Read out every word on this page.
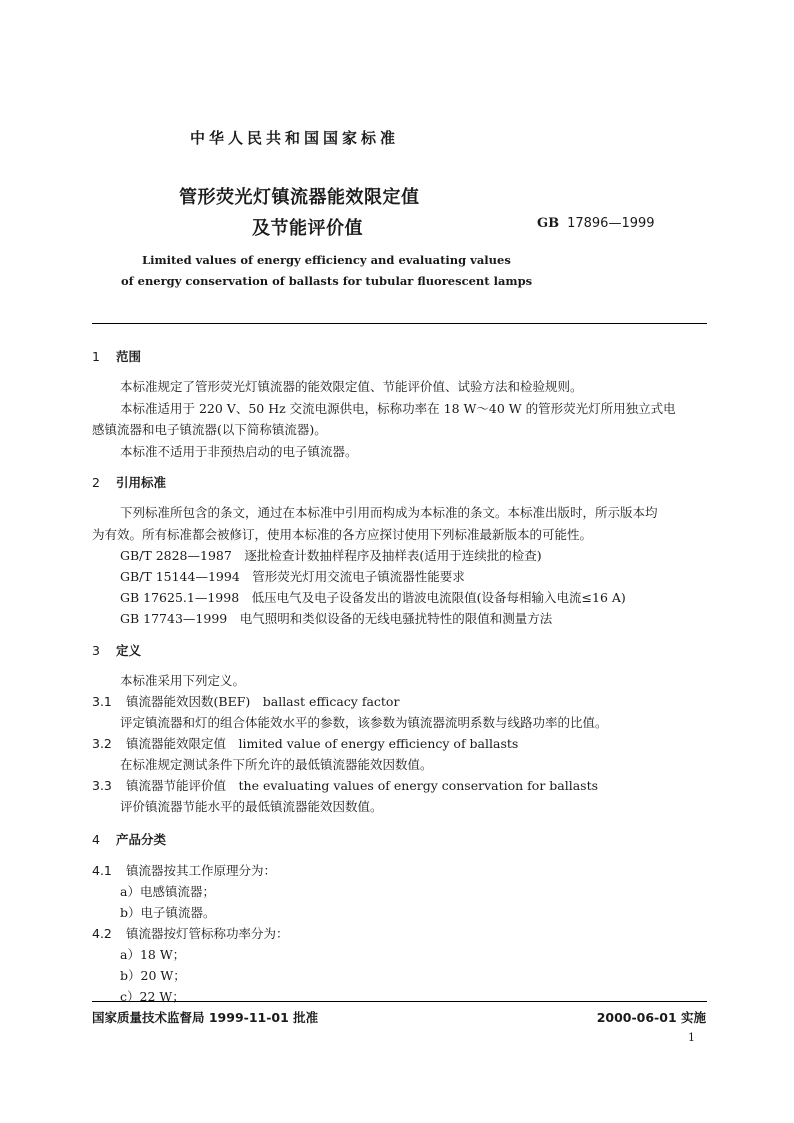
中华人民共和国国家标准
管形荧光灯镇流器能效限定值
及节能评价值	GB 17896—1999
Limited values of energy efficiency and evaluating values
of energy conservation of ballasts for tubular fluorescent lamps
1 范围
本标准规定了管形荧光灯镇流器的能效限定值、节能评价值、试验方法和检验规则。
本标准适用于 220 V、50 Hz 交流电源供电，标称功率在 18 W～40 W 的管形荧光灯所用独立式电
感镇流器和电子镇流器(以下简称镇流器)。
本标准不适用于非预热启动的电子镇流器。
2 引用标准
下列标准所包含的条文，通过在本标准中引用而构成为本标准的条文。本标准出版时，所示版本均
为有效。所有标准都会被修订，使用本标准的各方应探讨使用下列标准最新版本的可能性。
GB/T 2828—1987　逐批检查计数抽样程序及抽样表(适用于连续批的检查)
GB/T 15144—1994　管形荧光灯用交流电子镇流器性能要求
GB 17625.1—1998　低压电气及电子设备发出的谐波电流限值(设备每相输入电流≤16 A)
GB 17743—1999　电气照明和类似设备的无线电骚扰特性的限值和测量方法
3 定义
本标准采用下列定义。
3.1 镇流器能效因数(BEF)　ballast efficacy factor
评定镇流器和灯的组合体能效水平的参数，该参数为镇流器流明系数与线路功率的比值。
3.2 镇流器能效限定值　limited value of energy efficiency of ballasts
在标准规定测试条件下所允许的最低镇流器能效因数值。
3.3 镇流器节能评价值　the evaluating values of energy conservation for ballasts
评价镇流器节能水平的最低镇流器能效因数值。
4 产品分类
4.1 镇流器按其工作原理分为：
a）电感镇流器；
b）电子镇流器。
4.2 镇流器按灯管标称功率分为：
a）18 W；
b）20 W；
c）22 W；
国家质量技术监督局 1999-11-01 批准	2000-06-01 实施
1
